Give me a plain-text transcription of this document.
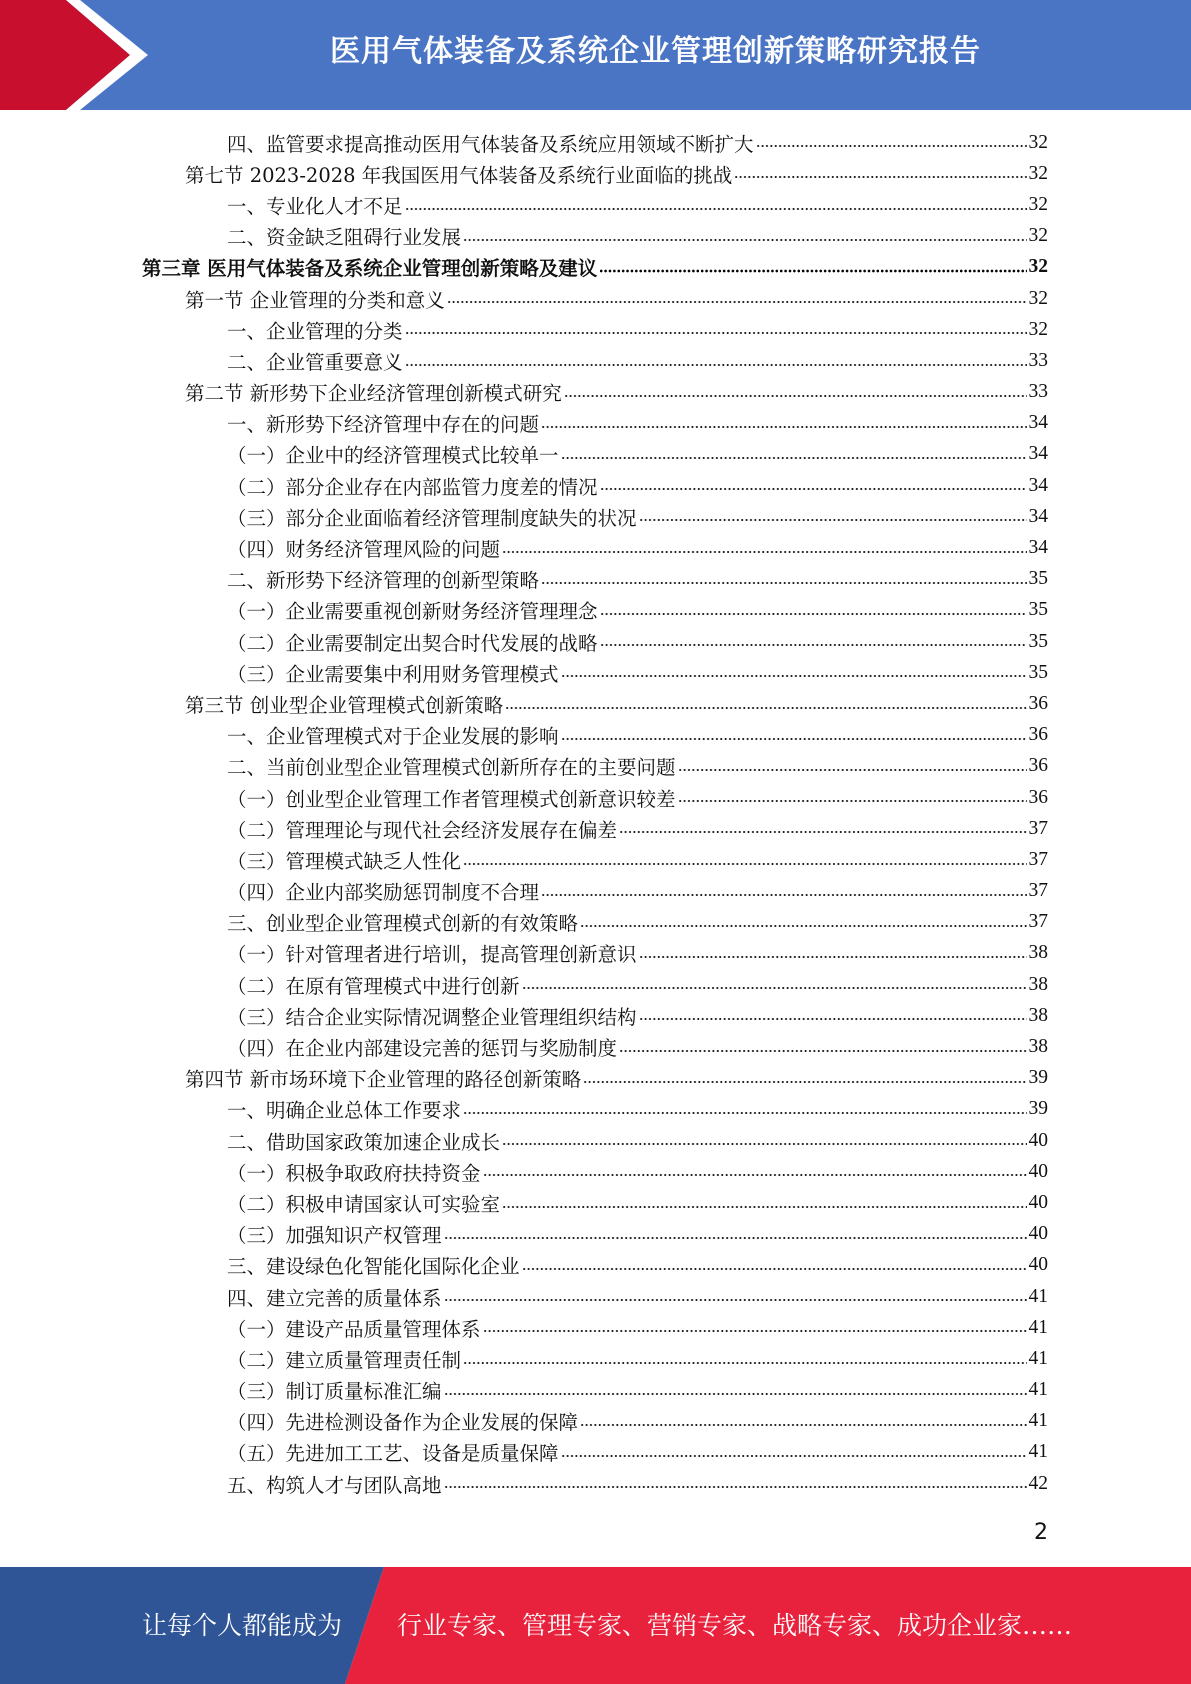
医用气体装备及系统企业管理创新策略研究报告
四、监管要求提高推动医用气体装备及系统应用领域不断扩大	32
第七节 2023-2028 年我国医用气体装备及系统行业面临的挑战	32
一、专业化人才不足	32
二、资金缺乏阻碍行业发展	32
第三章 医用气体装备及系统企业管理创新策略及建议	32
第一节 企业管理的分类和意义	32
一、企业管理的分类	32
二、企业管重要意义	33
第二节 新形势下企业经济管理创新模式研究	33
一、新形势下经济管理中存在的问题	34
（一）企业中的经济管理模式比较单一	34
（二）部分企业存在内部监管力度差的情况	34
（三）部分企业面临着经济管理制度缺失的状况	34
（四）财务经济管理风险的问题	34
二、新形势下经济管理的创新型策略	35
（一）企业需要重视创新财务经济管理理念	35
（二）企业需要制定出契合时代发展的战略	35
（三）企业需要集中利用财务管理模式	35
第三节 创业型企业管理模式创新策略	36
一、企业管理模式对于企业发展的影响	36
二、当前创业型企业管理模式创新所存在的主要问题	36
（一）创业型企业管理工作者管理模式创新意识较差	36
（二）管理理论与现代社会经济发展存在偏差	37
（三）管理模式缺乏人性化	37
（四）企业内部奖励惩罚制度不合理	37
三、创业型企业管理模式创新的有效策略	37
（一）针对管理者进行培训，提高管理创新意识	38
（二）在原有管理模式中进行创新	38
（三）结合企业实际情况调整企业管理组织结构	38
（四）在企业内部建设完善的惩罚与奖励制度	38
第四节 新市场环境下企业管理的路径创新策略	39
一、明确企业总体工作要求	39
二、借助国家政策加速企业成长	40
（一）积极争取政府扶持资金	40
（二）积极申请国家认可实验室	40
（三）加强知识产权管理	40
三、建设绿色化智能化国际化企业	40
四、建立完善的质量体系	41
（一）建设产品质量管理体系	41
（二）建立质量管理责任制	41
（三）制订质量标准汇编	41
（四）先进检测设备作为企业发展的保障	41
（五）先进加工工艺、设备是质量保障	41
五、构筑人才与团队高地	42
2
让每个人都能成为 行业专家、管理专家、营销专家、战略专家、成功企业家……
